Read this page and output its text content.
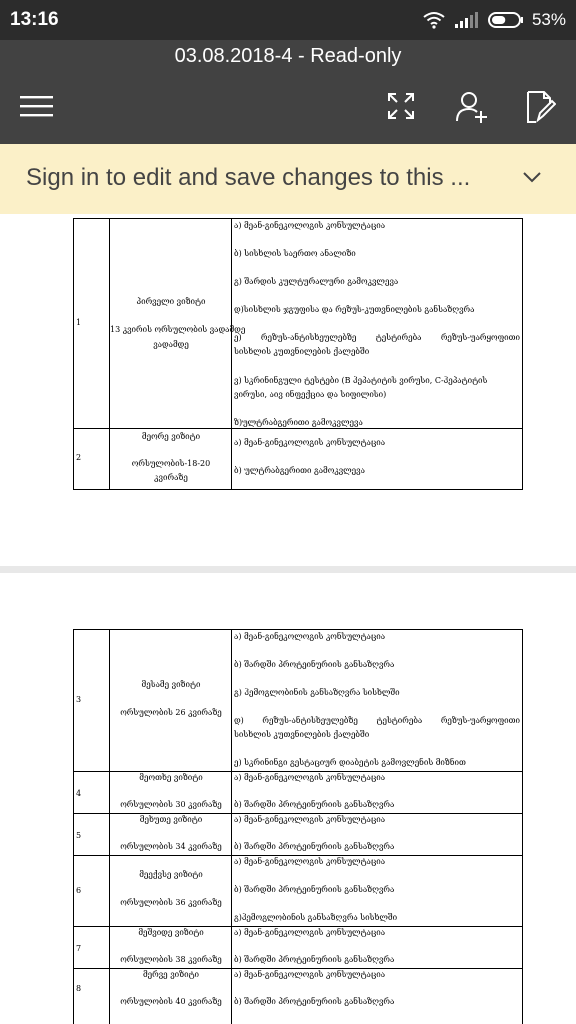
13:16	53%
03.08.2018-4 - Read-only
Sign in to edit and save changes to this ...
1
პირველი ვიზიტი
13 კვირის ორსულობის ვადამდე
ვადამდე
ა) მეან-გინეკოლოგის კონსულტაცია
ბ) სისხლის საერთო ანალიზი
გ) შარდის კულტურალური გამოკვლევა
დ)სისხლის ჯგუფისა და რეზუს-კუთვნილების განსაზღვრა
ე) რეზუს-ანტისხეულებზე ტესტირება რეზუს-უარყოფითი
სისხლის კუთვნილების ქალებში
ვ) სკრინინგული ტესტები (B ჰეპატიტის ვირუსი, C-ჰეპატიტის
ვირუსი, აივ ინფექცია და სიფილისი)
ზ)ულტრაბგერითი გამოკვლევა
2
მეორე ვიზიტი
ორსულობის-18-20
კვირაზე
ა) მეან-გინეკოლოგის კონსულტაცია
ბ) ულტრაბგერითი გამოკვლევა
3
მესამე ვიზიტი
ორსულობის 26 კვირაზე
ა) მეან-გინეკოლოგის კონსულტაცია
ბ) შარდში პროტეინურიის განსაზღვრა
გ) ჰემოგლობინის განსაზღვრა სისხლში
დ) რეზუს-ანტისხეულებზე ტესტირება რეზუს-უარყოფითი
სისხლის კუთვნილების ქალებში
ე) სკრინინგი გესტაციურ დიაბეტის გამოვლენის მიზნით
4
მეოთხე ვიზიტი
ორსულობის 30 კვირაზე
ა) მეან-გინეკოლოგის კონსულტაცია
ბ) შარდში პროტეინურიის განსაზღვრა
5
მეხუთე ვიზიტი
ორსულობის 34 კვირაზე
ა) მეან-გინეკოლოგის კონსულტაცია
ბ) შარდში პროტეინურიის განსაზღვრა
6
მეექვსე ვიზიტი
ორსულობის 36 კვირაზე
ა) მეან-გინეკოლოგის კონსულტაცია
ბ) შარდში პროტეინურიის განსაზღვრა
გ)ჰემოგლობინის განსაზღვრა სისხლში
7
მეშვიდე ვიზიტი
ორსულობის 38 კვირაზე
ა) მეან-გინეკოლოგის კონსულტაცია
ბ) შარდში პროტეინურიის განსაზღვრა
8
მერვე ვიზიტი
ორსულობის 40 კვირაზე
ა) მეან-გინეკოლოგის კონსულტაცია
ბ) შარდში პროტეინურიის განსაზღვრა
